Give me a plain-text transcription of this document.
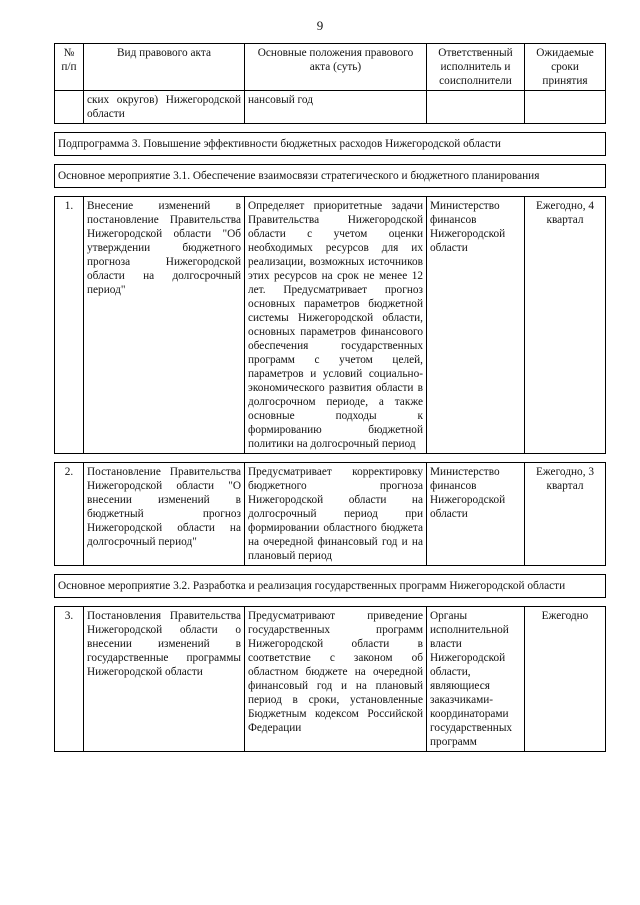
9
№ п/п	Вид правового акта	Основные положения правового акта (суть)	Ответственный исполнитель и соисполнители	Ожидаемые сроки принятия
	ских округов) Нижегородской области	нансовый год		

Подпрограмма 3. Повышение эффективности бюджетных расходов Нижегородской области				

Основное мероприятие 3.1. Обеспечение взаимосвязи стратегического и бюджетного планирования				

1.	Внесение изменений в постановление Правительства Нижегородской области "Об утверждении бюджетного прогноза Нижегородской области на долгосрочный период"	Определяет приоритетные задачи Правительства Нижегородской области с учетом оценки необходимых ресурсов для их реализации, возможных источников этих ресурсов на срок не менее 12 лет. Предусматривает прогноз основных параметров бюджетной системы Нижегородской области, основных параметров финансового обеспечения государственных программ с учетом целей, параметров и условий социально-экономического развития области в долгосрочном периоде, а также основные подходы к формированию бюджетной политики на долгосрочный период	Министерство финансов Нижегородской области	Ежегодно, 4 квартал

2.	Постановление Правительства Нижегородской области "О внесении изменений в бюджетный прогноз Нижегородской области на долгосрочный период"	Предусматривает корректировку бюджетного прогноза Нижегородской области на долгосрочный период при формировании областного бюджета на очередной финансовый год и на плановый период	Министерство финансов Нижегородской области	Ежегодно, 3 квартал

Основное мероприятие 3.2. Разработка и реализация государственных программ Нижегородской области				

3.	Постановления Правительства Нижегородской области о внесении изменений в государственные программы Нижегородской области	Предусматривают приведение государственных программ Нижегородской области в соответствие с законом об областном бюджете на очередной финансовый год и на плановый период в сроки, установленные Бюджетным кодексом Российской Федерации	Органы исполнительной власти Нижегородской области, являющиеся заказчиками-координаторами государственных программ	Ежегодно
